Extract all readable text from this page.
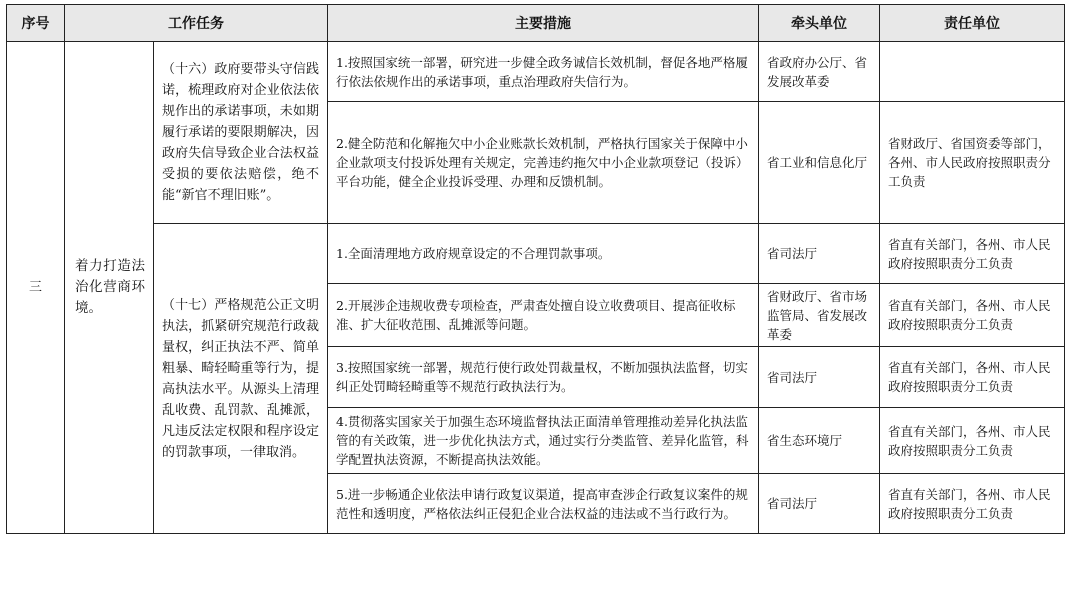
序号	工作任务		主要措施	牵头单位	责任单位
三	着力打造法治化营商环境。	（十六）政府要带头守信践诺，梳理政府对企业依法依规作出的承诺事项，未如期履行承诺的要限期解决，因政府失信导致企业合法权益受损的要依法赔偿，绝不能“新官不理旧账”。	1.按照国家统一部署，研究进一步健全政务诚信长效机制，督促各地严格履行依法依规作出的承诺事项，重点治理政府失信行为。	省政府办公厅、省发展改革委	
			2.健全防范和化解拖欠中小企业账款长效机制，严格执行国家关于保障中小企业款项支付投诉处理有关规定，完善违约拖欠中小企业款项登记（投诉）平台功能，健全企业投诉受理、办理和反馈机制。	省工业和信息化厅	省财政厅、省国资委等部门，各州、市人民政府按照职责分工负责
		（十七）严格规范公正文明执法，抓紧研究规范行政裁量权，纠正执法不严、简单粗暴、畸轻畸重等行为，提高执法水平。从源头上清理乱收费、乱罚款、乱摊派，凡违反法定权限和程序设定的罚款事项，一律取消。	1.全面清理地方政府规章设定的不合理罚款事项。	省司法厅	省直有关部门，各州、市人民政府按照职责分工负责
			2.开展涉企违规收费专项检查，严肃查处擅自设立收费项目、提高征收标准、扩大征收范围、乱摊派等问题。	省财政厅、省市场监管局、省发展改革委	省直有关部门，各州、市人民政府按照职责分工负责
			3.按照国家统一部署，规范行使行政处罚裁量权，不断加强执法监督，切实纠正处罚畸轻畸重等不规范行政执法行为。	省司法厅	省直有关部门，各州、市人民政府按照职责分工负责
			4.贯彻落实国家关于加强生态环境监督执法正面清单管理推动差异化执法监管的有关政策，进一步优化执法方式，通过实行分类监管、差异化监管，科学配置执法资源，不断提高执法效能。	省生态环境厅	省直有关部门，各州、市人民政府按照职责分工负责
			5.进一步畅通企业依法申请行政复议渠道，提高审查涉企行政复议案件的规范性和透明度，严格依法纠正侵犯企业合法权益的违法或不当行政行为。	省司法厅	省直有关部门，各州、市人民政府按照职责分工负责
